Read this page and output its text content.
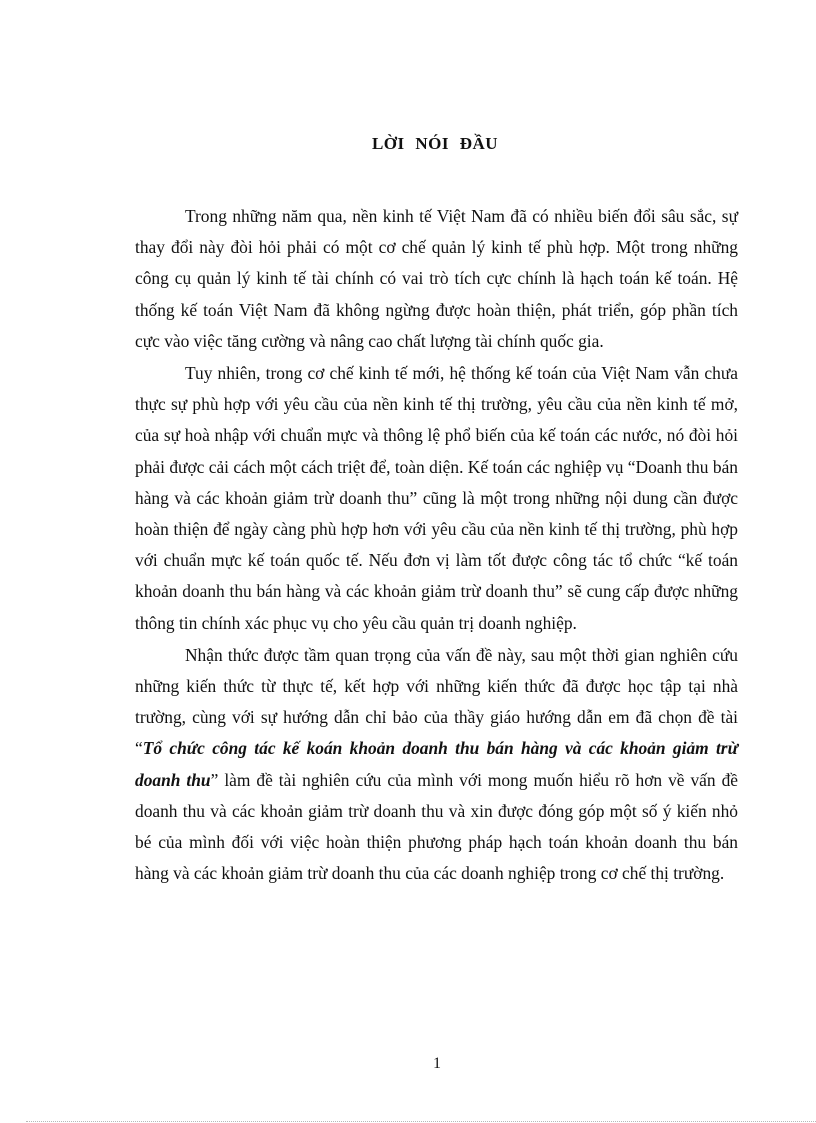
LỜI NÓI ĐẦU

Trong những năm qua, nền kinh tế Việt Nam đã có nhiều biến đổi sâu sắc, sự thay đổi này đòi hỏi phải có một cơ chế quản lý kinh tế phù hợp. Một trong những công cụ quản lý kinh tế tài chính có vai trò tích cực chính là hạch toán kế toán. Hệ thống kế toán Việt Nam đã không ngừng được hoàn thiện, phát triển, góp phần tích cực vào việc tăng cường và nâng cao chất lượng tài chính quốc gia.

Tuy nhiên, trong cơ chế kinh tế mới, hệ thống kế toán của Việt Nam vẫn chưa thực sự phù hợp với yêu cầu của nền kinh tế thị trường, yêu cầu của nền kinh tế mở, của sự hoà nhập với chuẩn mực và thông lệ phổ biến của kế toán các nước, nó đòi hỏi phải được cải cách một cách triệt để, toàn diện. Kế toán các nghiệp vụ “Doanh thu bán hàng và các khoản giảm trừ doanh thu” cũng là một trong những nội dung cần được hoàn thiện để ngày càng phù hợp hơn với yêu cầu của nền kinh tế thị trường, phù hợp với chuẩn mực kế toán quốc tế. Nếu đơn vị làm tốt được công tác tổ chức “kế toán khoản doanh thu bán hàng và các khoản giảm trừ doanh thu” sẽ cung cấp được những thông tin chính xác phục vụ cho yêu cầu quản trị doanh nghiệp.

Nhận thức được tầm quan trọng của vấn đề này, sau một thời gian nghiên cứu những kiến thức từ thực tế, kết hợp với những kiến thức đã được học tập tại nhà trường, cùng với sự hướng dẫn chỉ bảo của thầy giáo hướng dẫn em đã chọn đề tài “Tổ chức công tác kế koán khoản doanh thu bán hàng và các khoản giảm trừ doanh thu” làm đề tài nghiên cứu của mình với mong muốn hiểu rõ hơn về vấn đề doanh thu và các khoản giảm trừ doanh thu và xin được đóng góp một số ý kiến nhỏ bé của mình đối với việc hoàn thiện phương pháp hạch toán khoản doanh thu bán hàng và các khoản giảm trừ doanh thu của các doanh nghiệp trong cơ chế thị trường.

1
